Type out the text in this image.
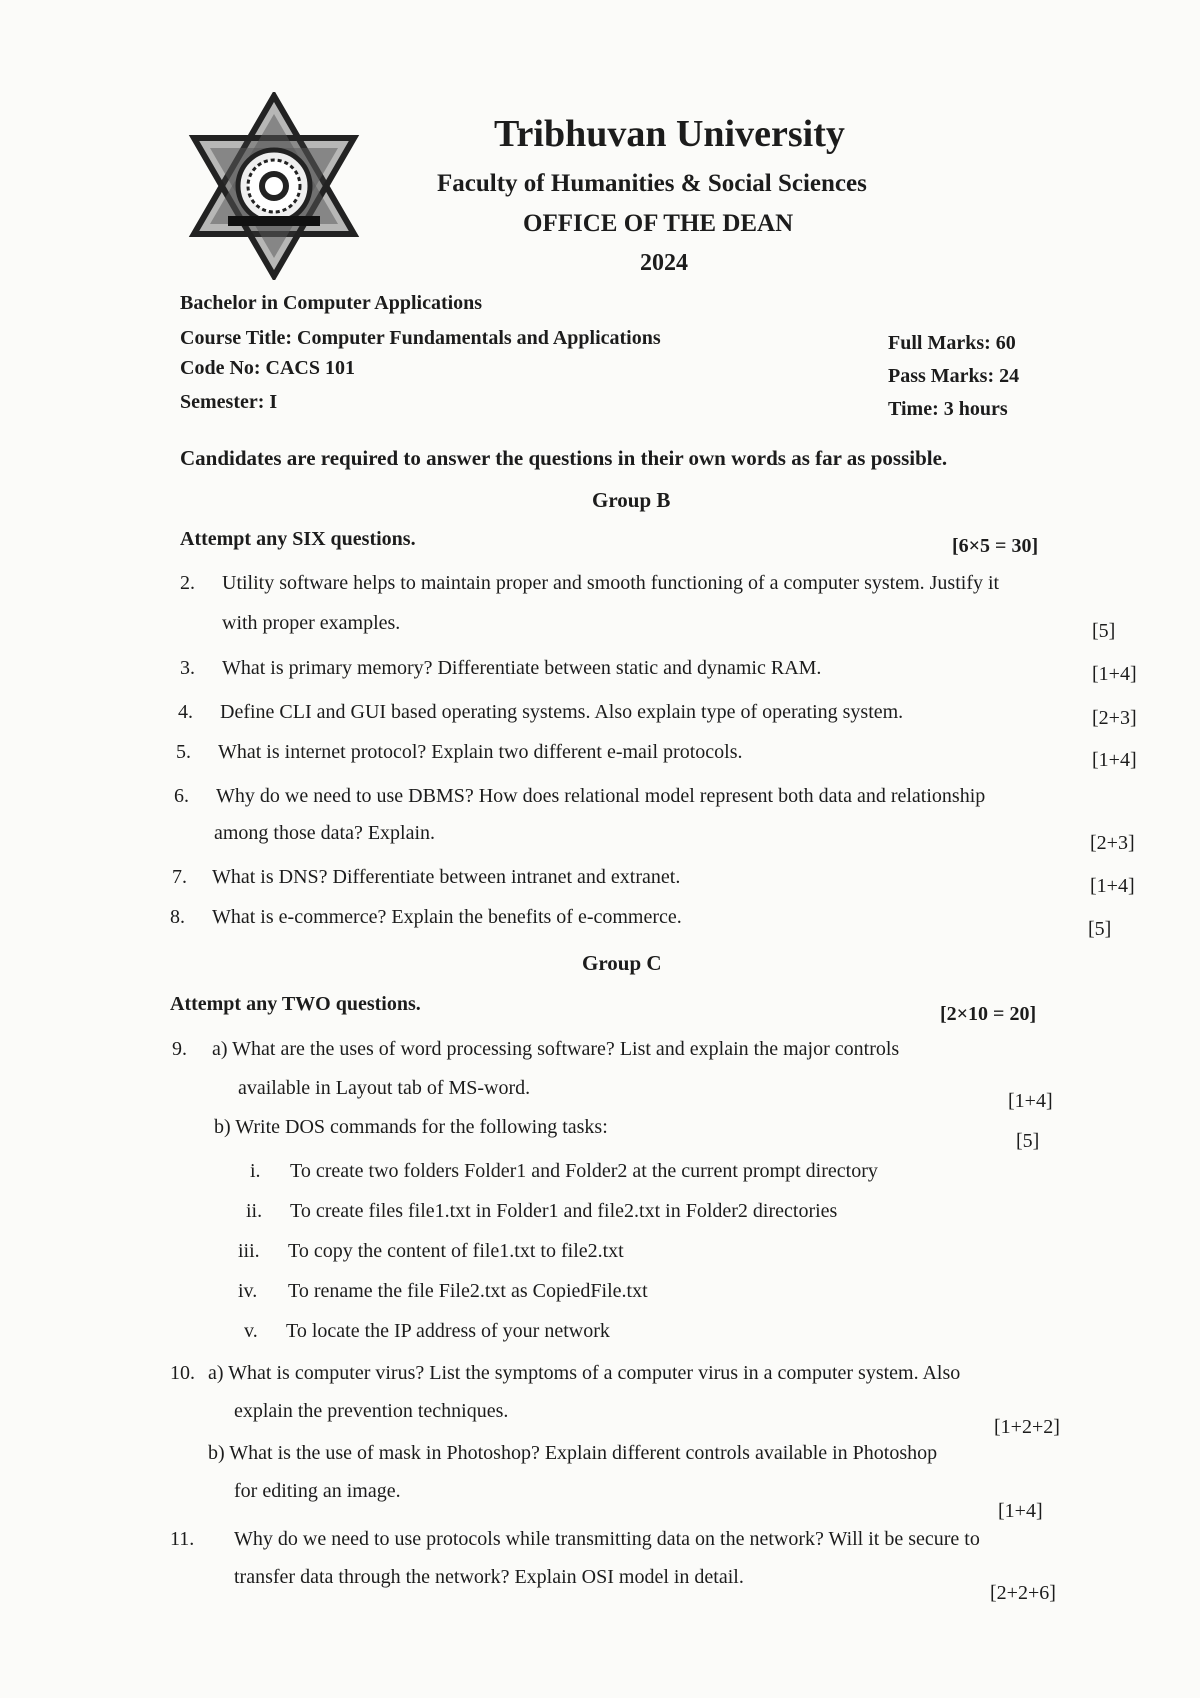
Tribhuvan University
Faculty of Humanities & Social Sciences
OFFICE OF THE DEAN
2024
Bachelor in Computer Applications
Course Title: Computer Fundamentals and Applications
Code No: CACS 101
Semester: I
Full Marks: 60
Pass Marks: 24
Time: 3 hours
Candidates are required to answer the questions in their own words as far as possible.
Group B
Attempt any SIX questions.	[6×5 = 30]
2. Utility software helps to maintain proper and smooth functioning of a computer system. Justify it
with proper examples.	[5]
3. What is primary memory? Differentiate between static and dynamic RAM.	[1+4]
4. Define CLI and GUI based operating systems. Also explain type of operating system.	[2+3]
5. What is internet protocol? Explain two different e-mail protocols.	[1+4]
6. Why do we need to use DBMS? How does relational model represent both data and relationship
among those data? Explain.	[2+3]
7. What is DNS? Differentiate between intranet and extranet.	[1+4]
8. What is e-commerce? Explain the benefits of e-commerce.
[5]
Group C
Attempt any TWO questions.	[2×10 = 20]
9. a) What are the uses of word processing software? List and explain the major controls
available in Layout tab of MS-word.
[1+4]
b) Write DOS commands for the following tasks:
[5]
i. To create two folders Folder1 and Folder2 at the current prompt directory
ii. To create files file1.txt in Folder1 and file2.txt in Folder2 directories
iii. To copy the content of file1.txt to file2.txt
iv. To rename the file File2.txt as CopiedFile.txt
v. To locate the IP address of your network
10. a) What is computer virus? List the symptoms of a computer virus in a computer system. Also
explain the prevention techniques.
[1+2+2]
b) What is the use of mask in Photoshop? Explain different controls available in Photoshop
for editing an image.
[1+4]
11. Why do we need to use protocols while transmitting data on the network? Will it be secure to
transfer data through the network? Explain OSI model in detail.
[2+2+6]
